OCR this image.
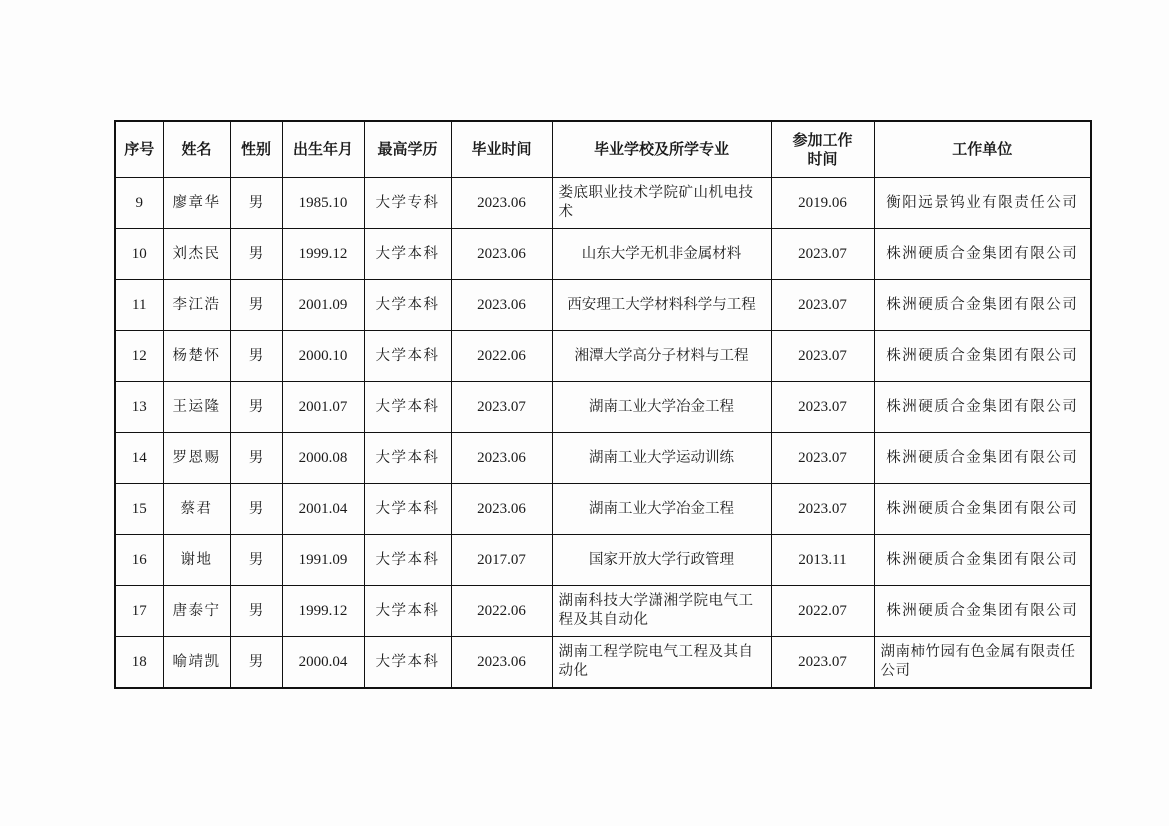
序号	姓名	性别	出生年月	最高学历	毕业时间	毕业学校及所学专业	参加工作时间	工作单位
9	廖章华	男	1985.10	大学专科	2023.06	娄底职业技术学院矿山机电技术	2019.06	衡阳远景钨业有限责任公司
10	刘杰民	男	1999.12	大学本科	2023.06	山东大学无机非金属材料	2023.07	株洲硬质合金集团有限公司
11	李江浩	男	2001.09	大学本科	2023.06	西安理工大学材料科学与工程	2023.07	株洲硬质合金集团有限公司
12	杨楚怀	男	2000.10	大学本科	2022.06	湘潭大学高分子材料与工程	2023.07	株洲硬质合金集团有限公司
13	王运隆	男	2001.07	大学本科	2023.07	湖南工业大学冶金工程	2023.07	株洲硬质合金集团有限公司
14	罗恩赐	男	2000.08	大学本科	2023.06	湖南工业大学运动训练	2023.07	株洲硬质合金集团有限公司
15	蔡君	男	2001.04	大学本科	2023.06	湖南工业大学冶金工程	2023.07	株洲硬质合金集团有限公司
16	谢地	男	1991.09	大学本科	2017.07	国家开放大学行政管理	2013.11	株洲硬质合金集团有限公司
17	唐泰宁	男	1999.12	大学本科	2022.06	湖南科技大学潇湘学院电气工程及其自动化	2022.07	株洲硬质合金集团有限公司
18	喻靖凯	男	2000.04	大学本科	2023.06	湖南工程学院电气工程及其自动化	2023.07	湖南柿竹园有色金属有限责任公司
